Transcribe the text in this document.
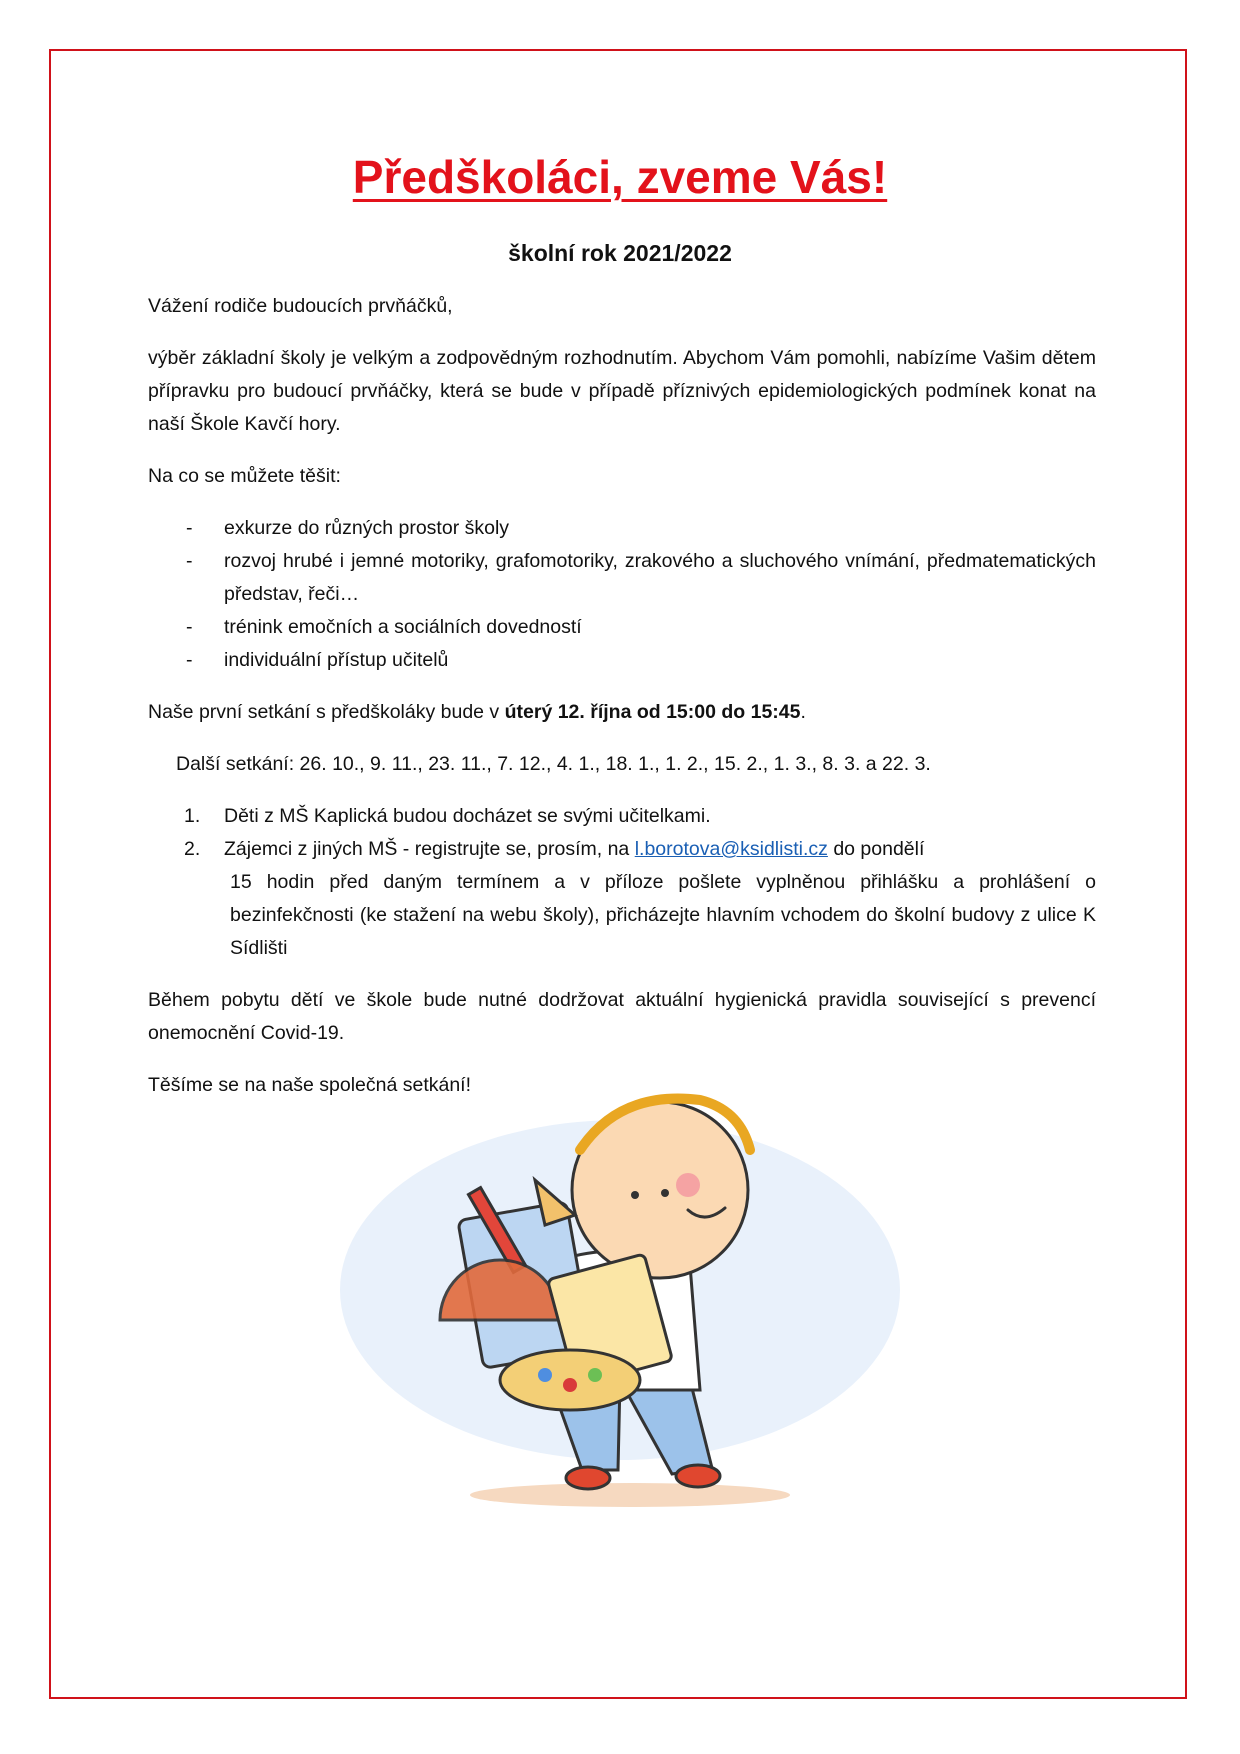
Předškoláci, zveme Vás!
školní rok 2021/2022

Vážení rodiče budoucích prvňáčků,

výběr základní školy je velkým a zodpovědným rozhodnutím. Abychom Vám pomohli, nabízíme Vašim dětem přípravku pro budoucí prvňáčky, která se bude v případě příznivých epidemiologických podmínek konat na naší Škole Kavčí hory.

Na co se můžete těšit:

- exkurze do různých prostor školy
- rozvoj hrubé i jemné motoriky, grafomotoriky, zrakového a sluchového vnímání, předmatematických představ, řeči…
- trénink emočních a sociálních dovedností
- individuální přístup učitelů

Naše první setkání s předškoláky bude v úterý 12. října od 15:00 do 15:45.

Další setkání: 26. 10., 9. 11., 23. 11., 7. 12., 4. 1., 18. 1., 1. 2., 15. 2., 1. 3., 8. 3. a 22. 3.

1. Děti z MŠ Kaplická budou docházet se svými učitelkami.
2. Zájemci z jiných MŠ - registrujte se, prosím, na l.borotova@ksidlisti.cz do pondělí
15 hodin před daným termínem a v příloze pošlete vyplněnou přihlášku a prohlášení o bezinfekčnosti (ke stažení na webu školy), přicházejte hlavním vchodem do školní budovy z ulice K Sídlišti

Během pobytu dětí ve škole bude nutné dodržovat aktuální hygienická pravidla související s prevencí onemocnění Covid-19.

Těšíme se na naše společná setkání!
